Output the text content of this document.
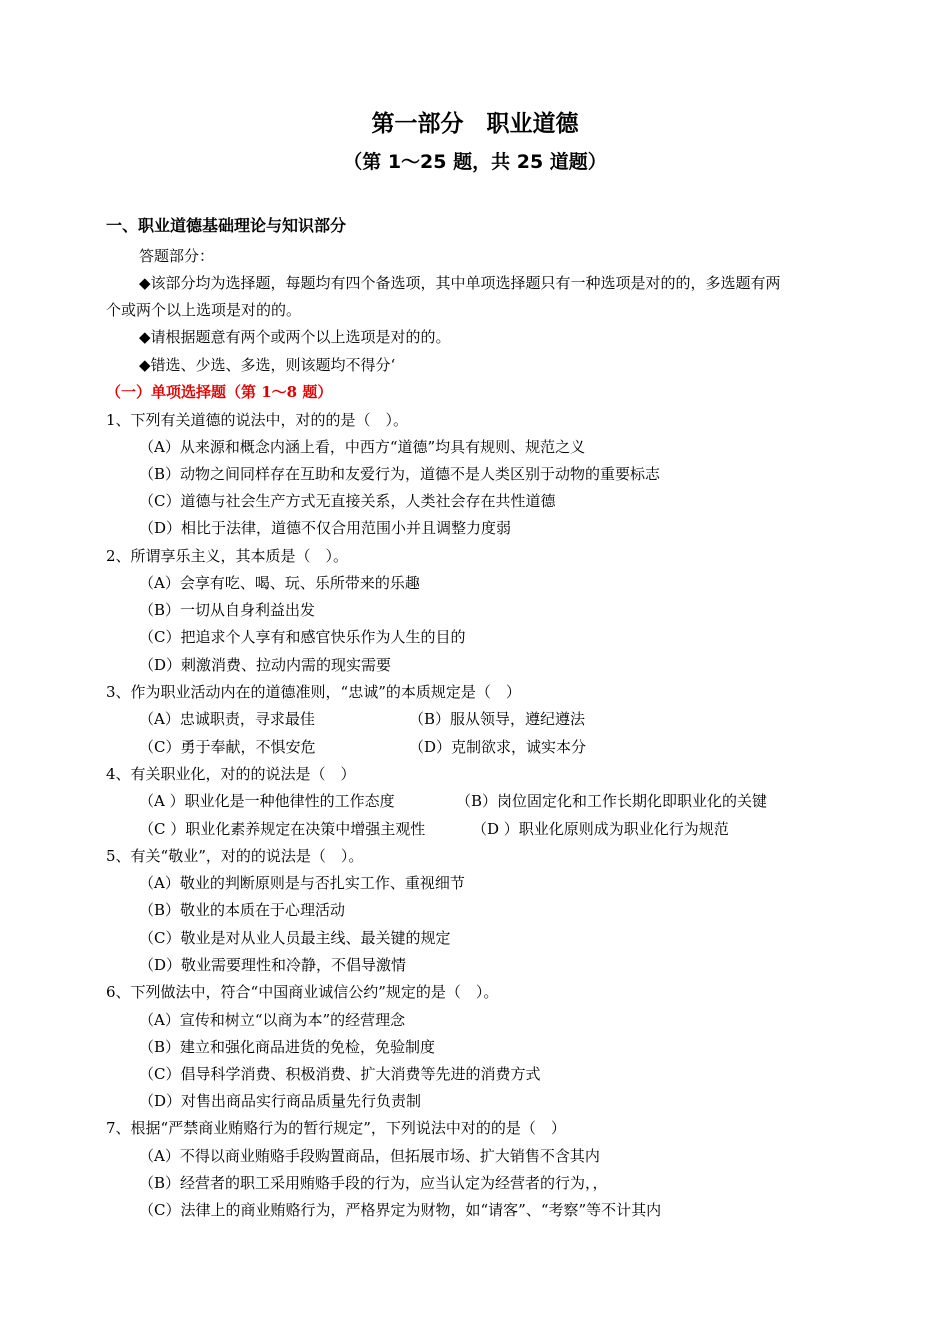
第一部分　职业道德
（第 1～25 题，共 25 道题）
一、职业道德基础理论与知识部分
答题部分：
◆该部分均为选择题，每题均有四个备选项，其中单项选择题只有一种选项是对的的，多选题有两
个或两个以上选项是对的的。
◆请根据题意有两个或两个以上选项是对的的。
◆错选、少选、多选，则该题均不得分‘
（一）单项选择题（第 1～8 题）
1、下列有关道德的说法中，对的的是（　）。
（A）从来源和概念内涵上看，中西方“道德”均具有规则、规范之义
（B）动物之间同样存在互助和友爱行为，道德不是人类区别于动物的重要标志
（C）道德与社会生产方式无直接关系，人类社会存在共性道德
（D）相比于法律，道德不仅合用范围小并且调整力度弱
2、所谓享乐主义，其本质是（　）。
（A）会享有吃、喝、玩、乐所带来的乐趣
（B）一切从自身利益出发
（C）把追求个人享有和感官快乐作为人生的目的
（D）刺激消费、拉动内需的现实需要
3、作为职业活动内在的道德准则，“忠诚”的本质规定是（　）
（A）忠诚职责，寻求最佳	（B）服从领导，遵纪遵法
（C）勇于奉献，不惧安危	（D）克制欲求，诚实本分
4、有关职业化，对的的说法是（　）
（A ）职业化是一种他律性的工作态度	（B）岗位固定化和工作长期化即职业化的关键
（C ）职业化素养规定在决策中增强主观性	（D ）职业化原则成为职业化行为规范
5、有关“敬业”，对的的说法是（　）。
（A）敬业的判断原则是与否扎实工作、重视细节
（B）敬业的本质在于心理活动
（C）敬业是对从业人员最主线、最关键的规定
（D）敬业需要理性和冷静，不倡导激情
6、下列做法中，符合“中国商业诚信公约”规定的是（　）。
（A）宣传和树立“以商为本”的经营理念
（B）建立和强化商品进货的免检，免验制度
（C）倡导科学消费、积极消费、扩大消费等先进的消费方式
（D）对售出商品实行商品质量先行负责制
7、根据“严禁商业贿赂行为的暂行规定”，下列说法中对的的是（　）
（A）不得以商业贿赂手段购置商品，但拓展市场、扩大销售不含其内
（B）经营者的职工采用贿赂手段的行为，应当认定为经营者的行为，，
（C）法律上的商业贿赂行为，严格界定为财物，如“请客”、“考察”等不计其内
